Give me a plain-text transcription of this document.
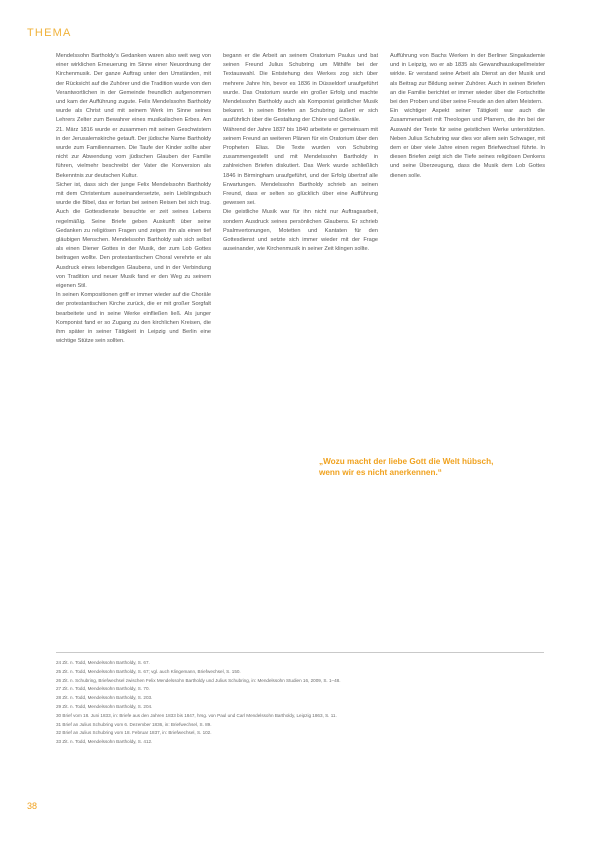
THEMA

Mendelssohn Bartholdy’s Gedanken waren also weit weg von einer wirklichen Erneuerung im Sinne einer Neuordnung der Kirchenmusik. Der ganze Auftrag unter den Umständen, mit der Rücksicht auf die Zuhörer und die Tradition wurde von den Verantwortlichen in der Gemeinde freundlich aufgenommen und kam der Aufführung zugute. Felix Mendelssohn Bartholdy wurde als Christ und mit seinem Werk im Sinne seines Lehrers Zelter zum Bewahrer eines musikalischen Erbes. Am 21. März 1816 wurde er zusammen mit seinen Geschwistern in der Jerusalemskirche getauft. Der jüdische Name Bartholdy wurde zum Familiennamen. Die Taufe der Kinder sollte aber nicht zur Abwendung vom jüdischen Glauben der Familie führen, vielmehr beschreibt der Vater die Konversion als Bekenntnis zur deutschen Kultur.

Sicher ist, dass sich der junge Felix Mendelssohn Bartholdy mit dem Christentum auseinandersetzte, sein Lieblingsbuch wurde die Bibel, das er fortan bei seinen Reisen bei sich trug. Auch die Gottesdienste besuchte er zeit seines Lebens regelmäßig. Seine Briefe geben Auskunft über seine Gedanken zu religiösen Fragen und zeigen ihn als einen tief gläubigen Menschen. Mendelssohn Bartholdy sah sich selbst als einen Diener Gottes in der Musik, der zum Lob Gottes beitragen wollte. Den protestantischen Choral verehrte er als Ausdruck eines lebendigen Glaubens, und in der Verbindung von Tradition und neuer Musik fand er den Weg zu seinem eigenen Stil.

In seinen Kompositionen griff er immer wieder auf die Choräle der protestantischen Kirche zurück, die er mit großer Sorgfalt bearbeitete und in seine Werke einfließen ließ. Als junger Komponist fand er so Zugang zu den kirchlichen Kreisen, die ihm später in seiner Tätigkeit in Leipzig und Berlin eine wichtige Stütze sein sollten.

begann er die Arbeit an seinem Oratorium Paulus und bat seinen Freund Julius Schubring um Mithilfe bei der Textauswahl. Die Entstehung des Werkes zog sich über mehrere Jahre hin, bevor es 1836 in Düsseldorf uraufgeführt wurde. Das Oratorium wurde ein großer Erfolg und machte Mendelssohn Bartholdy auch als Komponist geistlicher Musik bekannt. In seinen Briefen an Schubring äußert er sich ausführlich über die Gestaltung der Chöre und Choräle.

Während der Jahre 1837 bis 1840 arbeitete er gemeinsam mit seinem Freund an weiteren Plänen für ein Oratorium über den Propheten Elias. Die Texte wurden von Schubring zusammengestellt und mit Mendelssohn Bartholdy in zahlreichen Briefen diskutiert. Das Werk wurde schließlich 1846 in Birmingham uraufgeführt, und der Erfolg übertraf alle Erwartungen. Mendelssohn Bartholdy schrieb an seinen Freund, dass er selten so glücklich über eine Aufführung gewesen sei.

Die geistliche Musik war für ihn nicht nur Auftragsarbeit, sondern Ausdruck seines persönlichen Glaubens. Er schrieb Psalmvertonungen, Motetten und Kantaten für den Gottesdienst und setzte sich immer wieder mit der Frage auseinander, wie Kirchenmusik in seiner Zeit klingen sollte.

Aufführung von Bachs Werken in der Berliner Singakademie und in Leipzig, wo er ab 1835 als Gewandhauskapellmeister wirkte. Er verstand seine Arbeit als Dienst an der Musik und als Beitrag zur Bildung seiner Zuhörer. Auch in seinen Briefen an die Familie berichtet er immer wieder über die Fortschritte bei den Proben und über seine Freude an den alten Meistern.

Ein wichtiger Aspekt seiner Tätigkeit war auch die Zusammenarbeit mit Theologen und Pfarrern, die ihn bei der Auswahl der Texte für seine geistlichen Werke unterstützten. Neben Julius Schubring war dies vor allem sein Schwager, mit dem er über viele Jahre einen regen Briefwechsel führte. In diesen Briefen zeigt sich die Tiefe seines religiösen Denkens und seine Überzeugung, dass die Musik dem Lob Gottes dienen solle.

„Wozu macht der liebe Gott die Welt hübsch, wenn wir es nicht anerkennen.“
24 Zit. n. Todd, Mendelssohn Bartholdy, S. 67.
25 Zit. n. Todd, Mendelssohn Bartholdy, S. 67; vgl. auch Klingemann, Briefwechsel, S. 150.
26 Zit. n. Schubring, Briefwechsel zwischen Felix Mendelssohn Bartholdy und Julius Schubring, in: Mendelssohn Studien 16, 2009, S. 1–48.
27 Zit. n. Todd, Mendelssohn Bartholdy, S. 70.
28 Zit. n. Todd, Mendelssohn Bartholdy, S. 203.
29 Zit. n. Todd, Mendelssohn Bartholdy, S. 204.
30 Brief vom 18. Juni 1833, in: Briefe aus den Jahren 1833 bis 1847, hrsg. von Paul und Carl Mendelssohn Bartholdy, Leipzig 1863, S. 11.
31 Brief an Julius Schubring vom 6. Dezember 1836, in: Briefwechsel, S. 89.
32 Brief an Julius Schubring vom 18. Februar 1837, in: Briefwechsel, S. 102.
33 Zit. n. Todd, Mendelssohn Bartholdy, S. 412.
38
